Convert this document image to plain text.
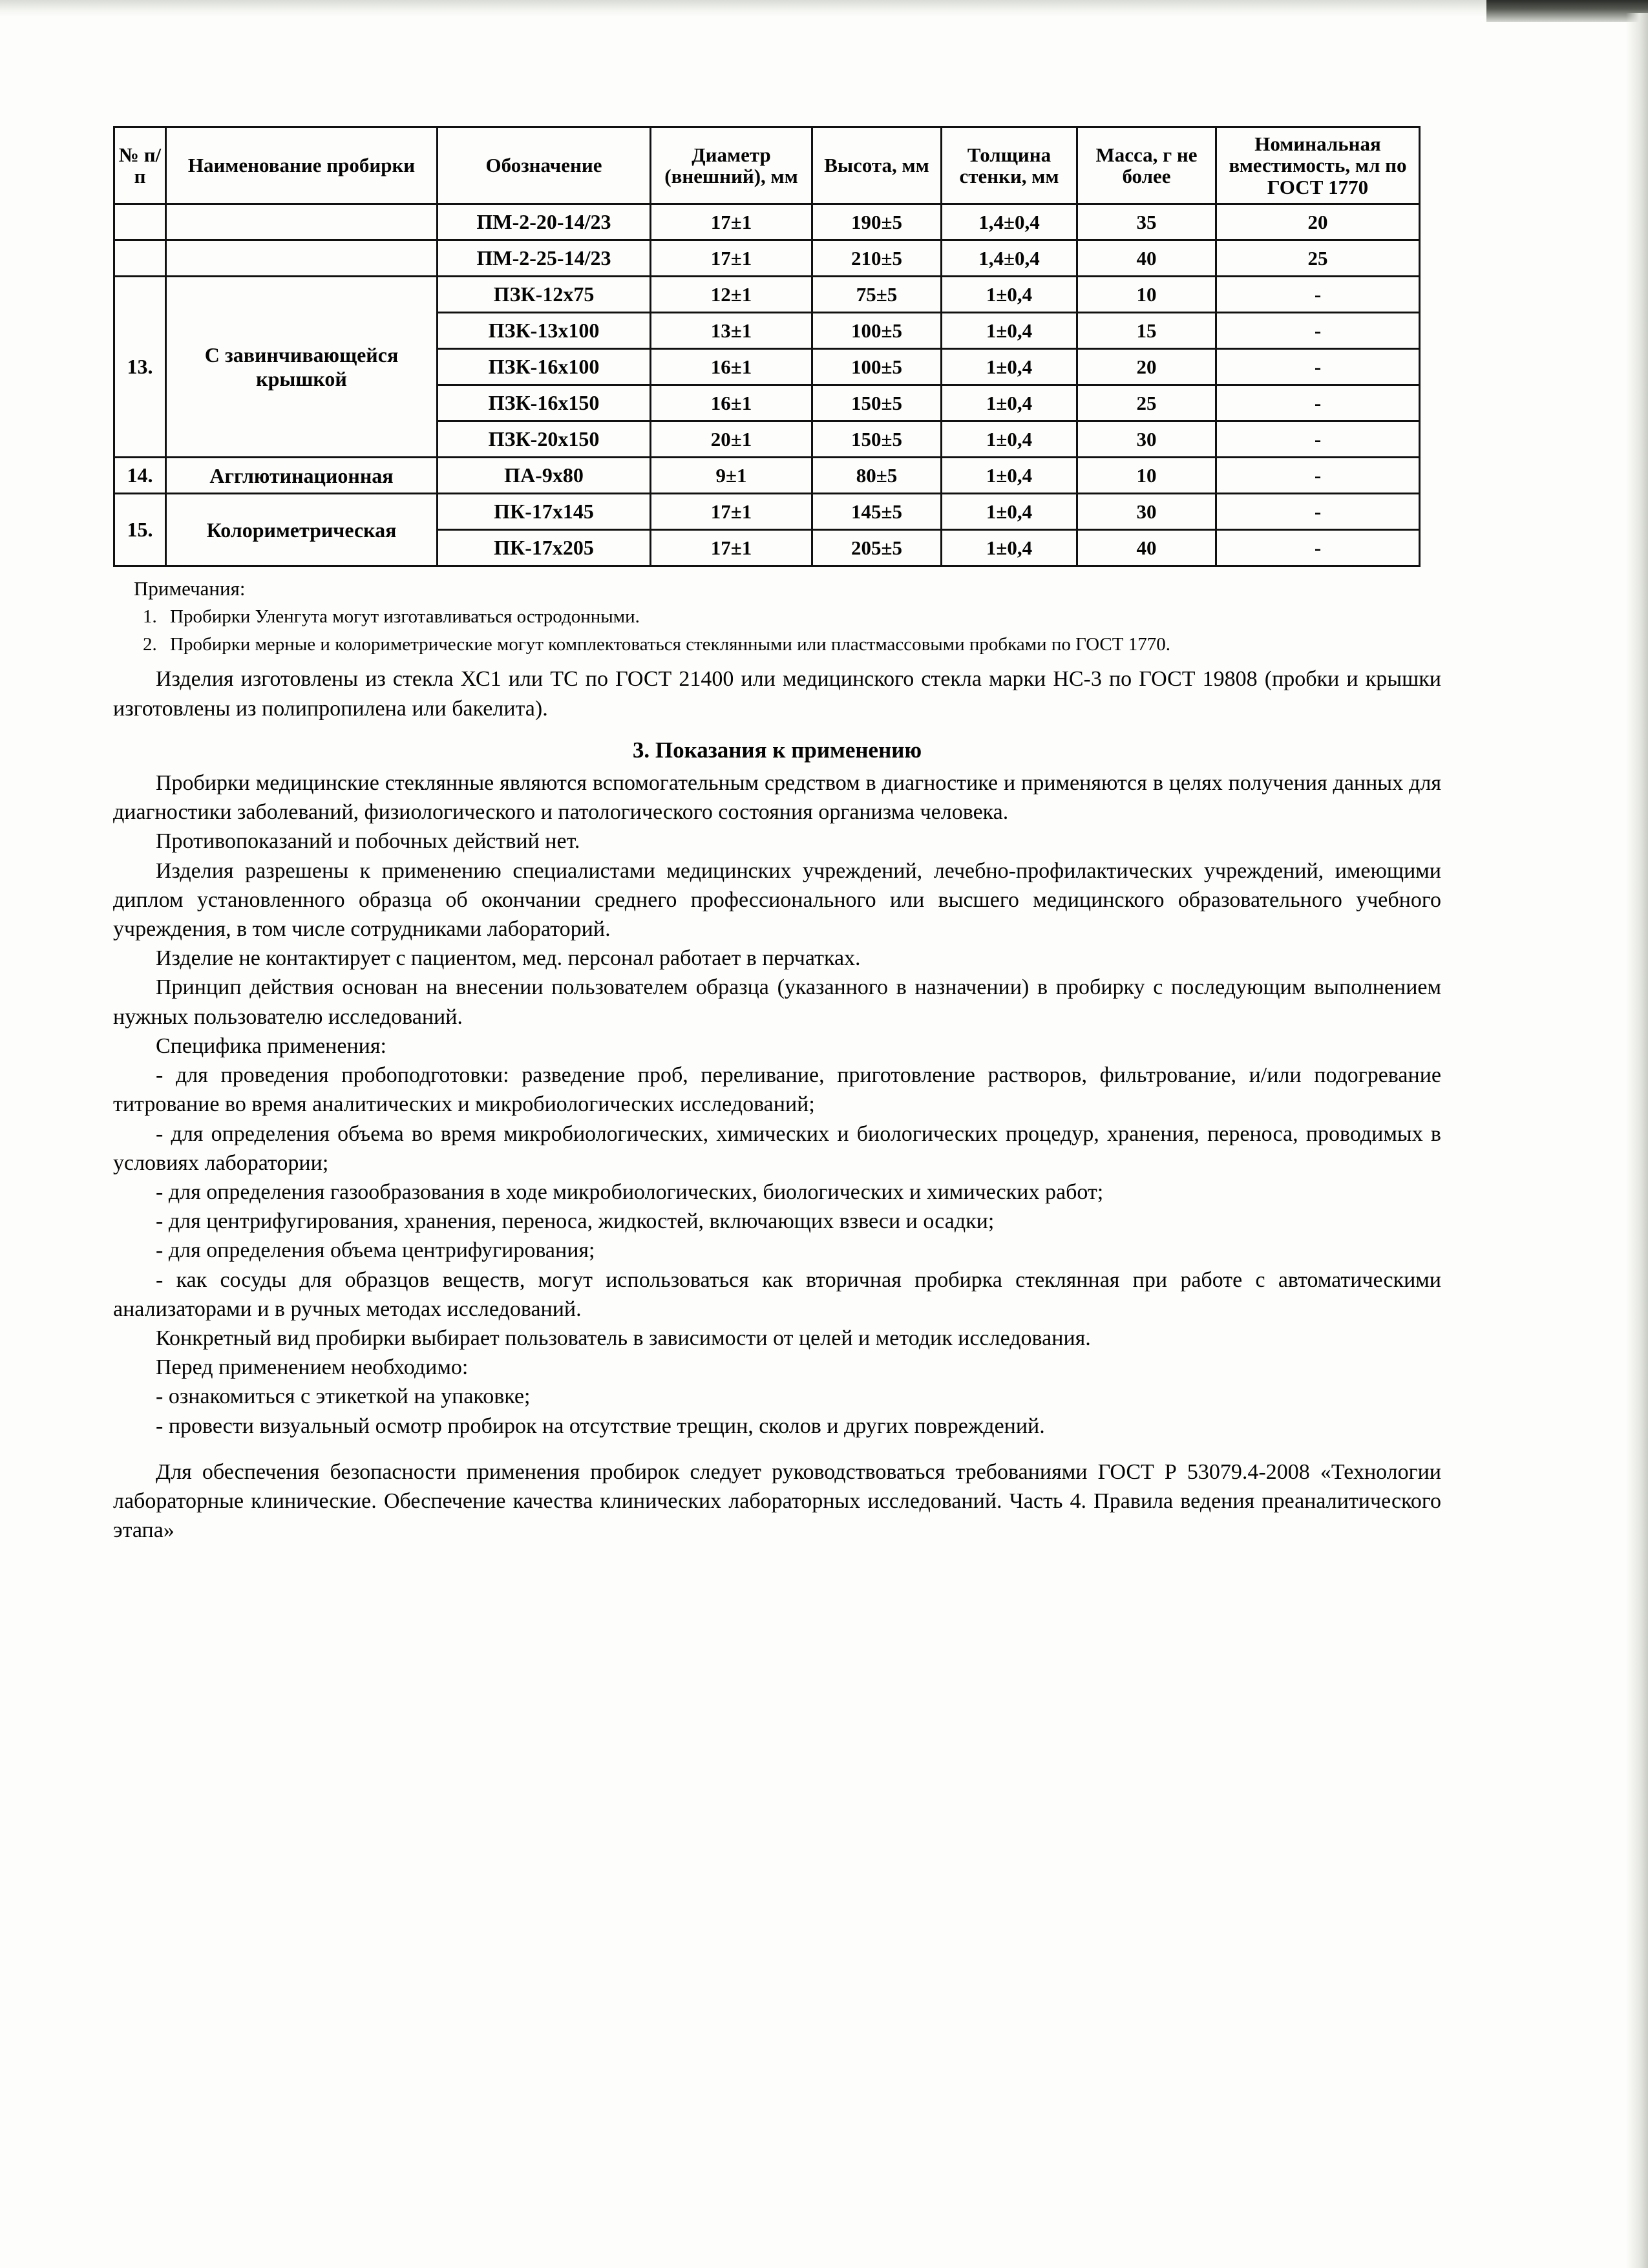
№ п/п	Наименование пробирки	Обозначение	Диаметр (внешний), мм	Высота, мм	Толщина стенки, мм	Масса, г не более	Номинальная вместимость, мл по ГОСТ 1770
		ПМ-2-20-14/23	17±1	190±5	1,4±0,4	35	20
		ПМ-2-25-14/23	17±1	210±5	1,4±0,4	40	25
13.	С завинчивающейся крышкой	ПЗК-12х75	12±1	75±5	1±0,4	10	-
		ПЗК-13х100	13±1	100±5	1±0,4	15	-
		ПЗК-16х100	16±1	100±5	1±0,4	20	-
		ПЗК-16х150	16±1	150±5	1±0,4	25	-
		ПЗК-20х150	20±1	150±5	1±0,4	30	-
14.	Агглютинационная	ПА-9х80	9±1	80±5	1±0,4	10	-
15.	Колориметрическая	ПК-17х145	17±1	145±5	1±0,4	30	-
		ПК-17х205	17±1	205±5	1±0,4	40	-
Примечания:
1. Пробирки Уленгута могут изготавливаться остродонными.
2. Пробирки мерные и колориметрические могут комплектоваться стеклянными или пластмассовыми пробками по ГОСТ 1770.

Изделия изготовлены из стекла ХС1 или ТС по ГОСТ 21400 или медицинского стекла марки НС-3 по ГОСТ 19808 (пробки и крышки изготовлены из полипропилена или бакелита).

3. Показания к применению

Пробирки медицинские стеклянные являются вспомогательным средством в диагностике и применяются в целях получения данных для диагностики заболеваний, физиологического и патологического состояния организма человека.

Противопоказаний и побочных действий нет.

Изделия разрешены к применению специалистами медицинских учреждений, лечебно-профилактических учреждений, имеющими диплом установленного образца об окончании среднего профессионального или высшего медицинского образовательного учебного учреждения, в том числе сотрудниками лабораторий.

Изделие не контактирует с пациентом, мед. персонал работает в перчатках.

Принцип действия основан на внесении пользователем образца (указанного в назначении) в пробирку с последующим выполнением нужных пользователю исследований.

Специфика применения:

- для проведения пробоподготовки: разведение проб, переливание, приготовление растворов, фильтрование, и/или подогревание титрование во время аналитических и микробиологических исследований;

- для определения объема во время микробиологических, химических и биологических процедур, хранения, переноса, проводимых в условиях лаборатории;

- для определения газообразования в ходе микробиологических, биологических и химических работ;

- для центрифугирования, хранения, переноса, жидкостей, включающих взвеси и осадки;

- для определения объема центрифугирования;

- как сосуды для образцов веществ, могут использоваться как вторичная пробирка стеклянная при работе с автоматическими анализаторами и в ручных методах исследований.

Конкретный вид пробирки выбирает пользователь в зависимости от целей и методик исследования.

Перед применением необходимо:

- ознакомиться с этикеткой на упаковке;

- провести визуальный осмотр пробирок на отсутствие трещин, сколов и других повреждений.

Для обеспечения безопасности применения пробирок следует руководствоваться требованиями ГОСТ Р 53079.4-2008 «Технологии лабораторные клинические. Обеспечение качества клинических лабораторных исследований. Часть 4. Правила ведения преаналитического этапа»
